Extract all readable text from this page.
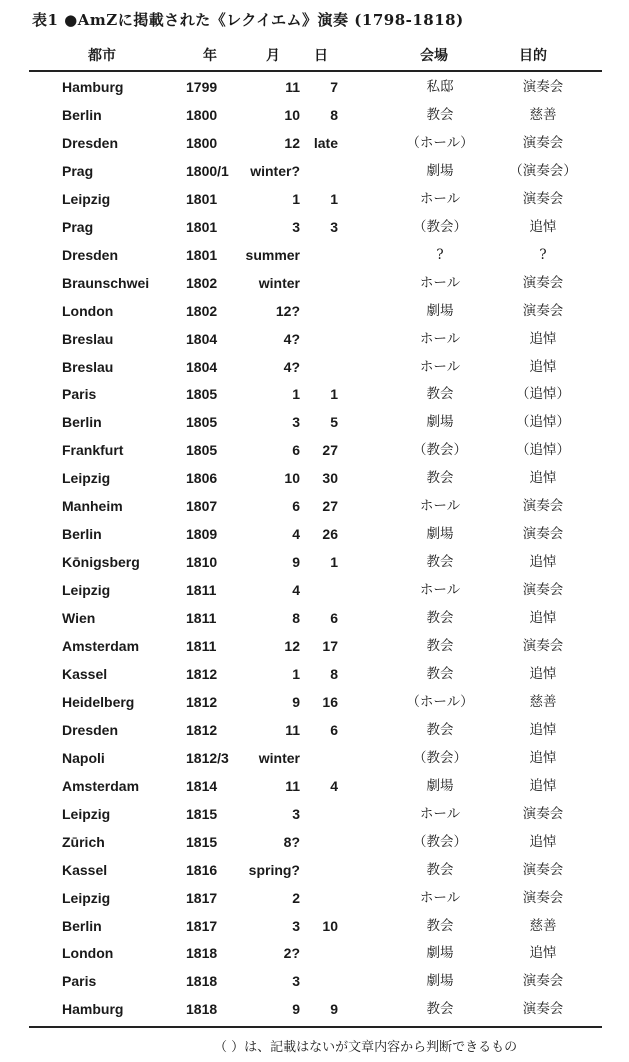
表1 ●AmZに掲載された《レクイエム》演奏 (1798-1818)
都市	年	月 日	会場	目的
Hamburg	1799	11 7	私邸	演奏会
Berlin	1800	10 8	教会	慈善
Dresden	1800	12 late	（ホール）	演奏会
Prag	1800/1 winter?	劇場	（演奏会）
Leipzig	1801	1 1	ホール	演奏会
Prag	1801	3 3	（教会）	追悼
Dresden	1801 summer	?	?
Braunschwei	1802	winter	ホール	演奏会
London	1802	12?	劇場	演奏会
Breslau	1804	4?	ホール	追悼
Breslau	1804	4?	ホール	追悼
Paris	1805	1 1	教会	（追悼）
Berlin	1805	3 5	劇場	（追悼）
Frankfurt	1805	6 27	（教会）	（追悼）
Leipzig	1806	10 30	教会	追悼
Manheim	1807	6 27	ホール	演奏会
Berlin	1809	4 26	劇場	演奏会
Kōnigsberg	1810	9 1	教会	追悼
Leipzig	1811	4	ホール	演奏会
Wien	1811	8 6	教会	追悼
Amsterdam	1811	12 17	教会	演奏会
Kassel	1812	1 8	教会	追悼
Heidelberg	1812	9 16	（ホール）	慈善
Dresden	1812	11 6	教会	追悼
Napoli	1812/3 winter	（教会）	追悼
Amsterdam	1814	11 4	劇場	追悼
Leipzig	1815	3	ホール	演奏会
Zūrich	1815	8?	（教会）	追悼
Kassel	1816 spring?	教会	演奏会
Leipzig	1817	2	ホール	演奏会
Berlin	1817	3 10	教会	慈善
London	1818	2?	劇場	追悼
Paris	1818	3	劇場	演奏会
Hamburg	1818	9 9	教会	演奏会
（ ）は、記載はないが文章内容から判断できるもの
